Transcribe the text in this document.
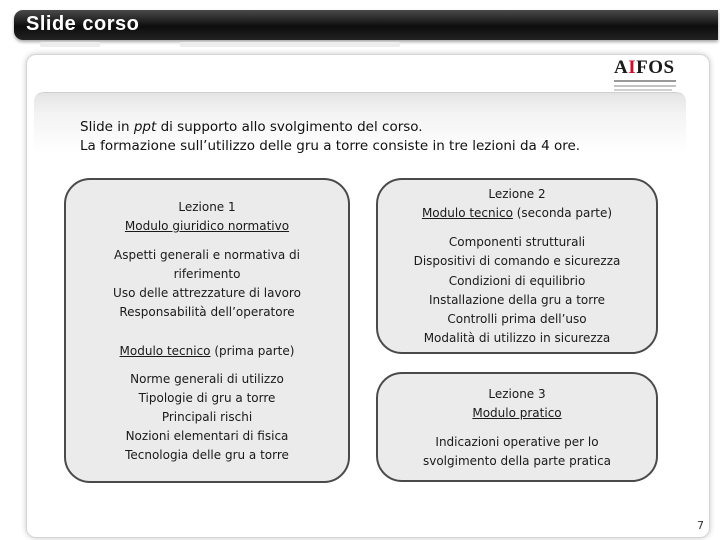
Slide corso
AIFOS
Slide in ppt di supporto allo svolgimento del corso.
La formazione sull’utilizzo delle gru a torre consiste in tre lezioni da 4 ore.
Lezione 1
Modulo giuridico normativo
Aspetti generali e normativa di
riferimento
Uso delle attrezzature di lavoro
Responsabilità dell’operatore
Modulo tecnico (prima parte)
Norme generali di utilizzo
Tipologie di gru a torre
Principali rischi
Nozioni elementari di fisica
Tecnologia delle gru a torre
Lezione 2
Modulo tecnico (seconda parte)
Componenti strutturali
Dispositivi di comando e sicurezza
Condizioni di equilibrio
Installazione della gru a torre
Controlli prima dell’uso
Modalità di utilizzo in sicurezza
Lezione 3
Modulo pratico
Indicazioni operative per lo
svolgimento della parte pratica
7
